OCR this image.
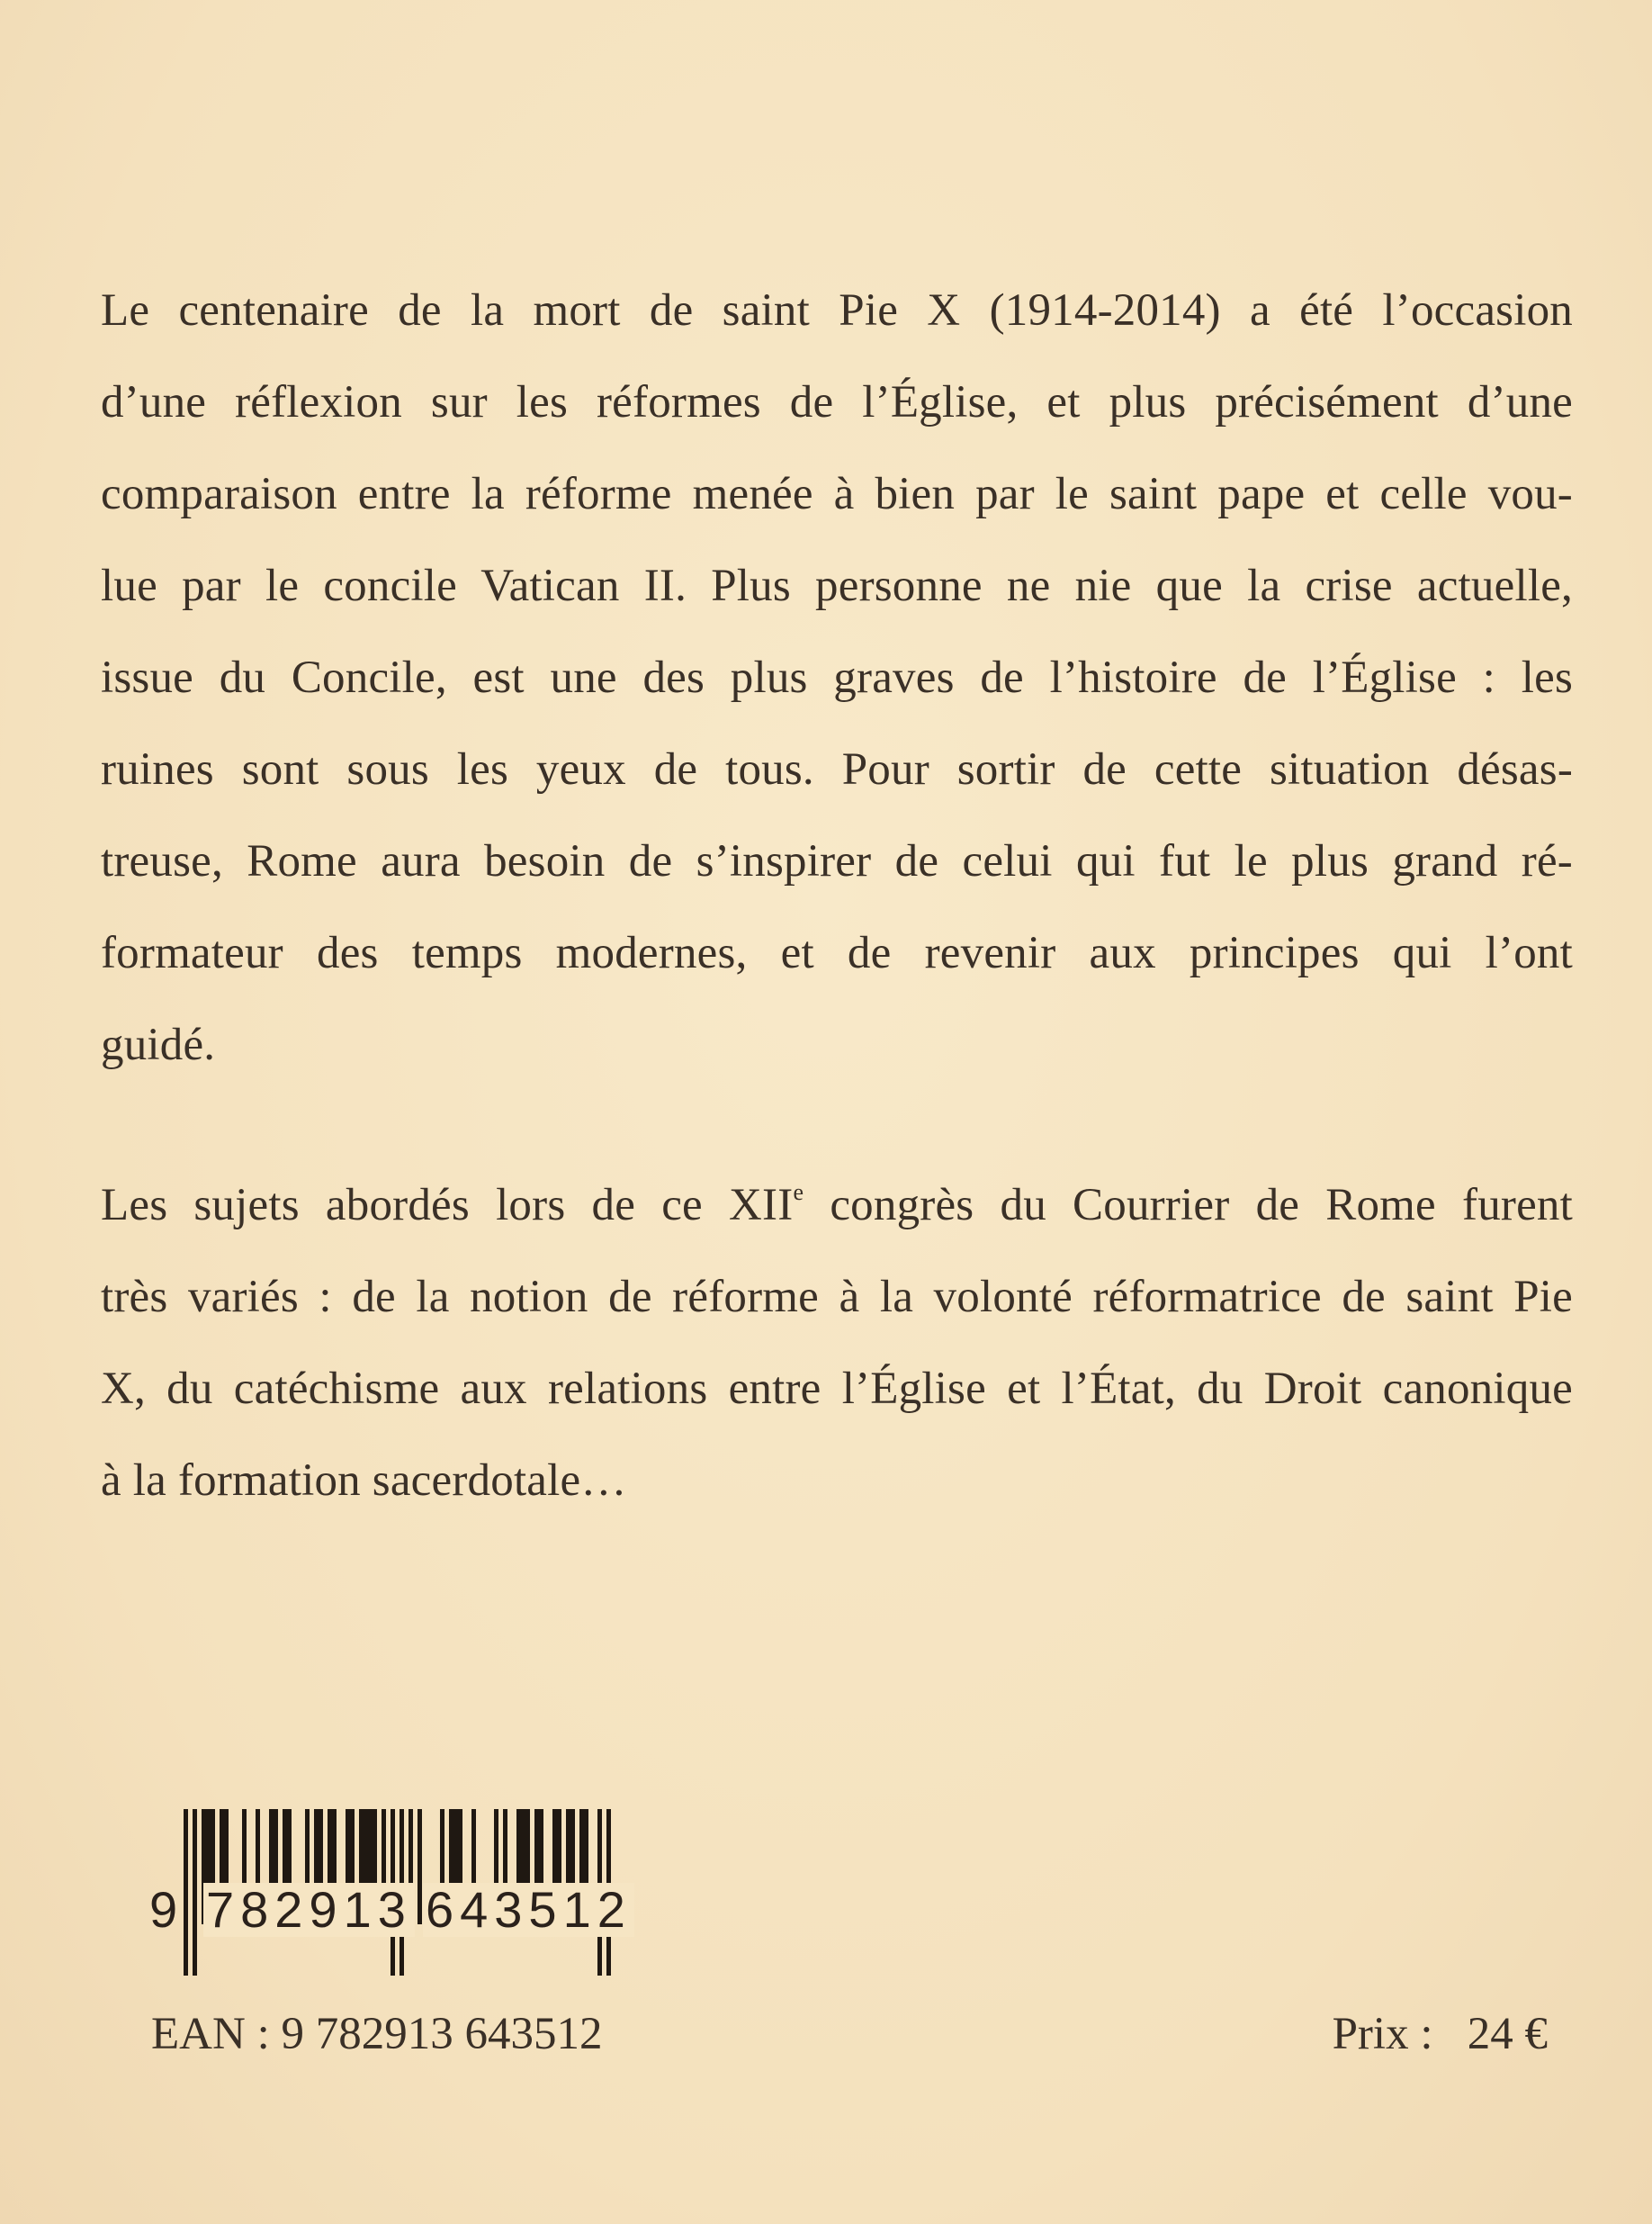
Le centenaire de la mort de saint Pie X (1914-2014) a été l’occasion
d’une réflexion sur les réformes de l’Église, et plus précisément d’une
comparaison entre la réforme menée à bien par le saint pape et celle vou-
lue par le concile Vatican II. Plus personne ne nie que la crise actuelle,
issue du Concile, est une des plus graves de l’histoire de l’Église : les
ruines sont sous les yeux de tous. Pour sortir de cette situation désas-
treuse, Rome aura besoin de s’inspirer de celui qui fut le plus grand ré-
formateur des temps modernes, et de revenir aux principes qui l’ont
guidé.
Les sujets abordés lors de ce XIIe congrès du Courrier de Rome furent
très variés : de la notion de réforme à la volonté réformatrice de saint Pie
X, du catéchisme aux relations entre l’Église et l’État, du Droit canonique
à la formation sacerdotale…
9 782913 643512
EAN : 9 782913 643512	Prix :   24 €
